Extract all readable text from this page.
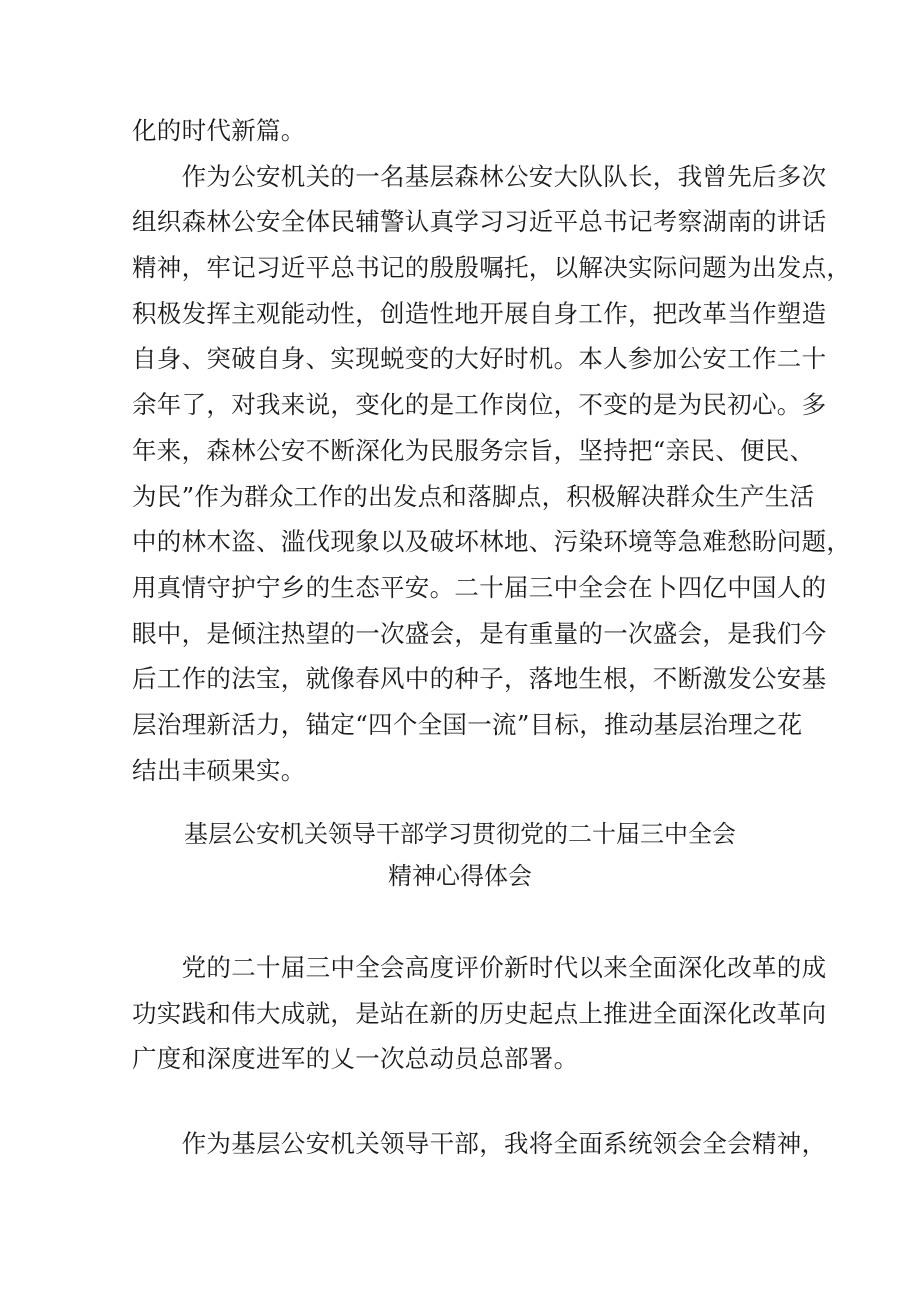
化的时代新篇。
　　作为公安机关的一名基层森林公安大队队长，我曾先后多次
组织森林公安全体民辅警认真学习习近平总书记考察湖南的讲话
精神，牢记习近平总书记的殷殷嘱托，以解决实际问题为出发点，
积极发挥主观能动性，创造性地开展自身工作，把改革当作塑造
自身、突破自身、实现蜕变的大好时机。本人参加公安工作二十
余年了，对我来说，变化的是工作岗位，不变的是为民初心。多
年来，森林公安不断深化为民服务宗旨，坚持把“亲民、便民、
为民”作为群众工作的出发点和落脚点，积极解决群众生产生活
中的林木盗、滥伐现象以及破坏林地、污染环境等急难愁盼问题，
用真情守护宁乡的生态平安。二十届三中全会在卜四亿中国人的
眼中，是倾注热望的一次盛会，是有重量的一次盛会，是我们今
后工作的法宝，就像春风中的种子，落地生根，不断激发公安基
层治理新活力，锚定“四个全国一流”目标，推动基层治理之花
结出丰硕果实。
基层公安机关领导干部学习贯彻党的二十届三中全会
精神心得体会
　　党的二十届三中全会高度评价新时代以来全面深化改革的成
功实践和伟大成就，是站在新的历史起点上推进全面深化改革向
广度和深度进军的乂一次总动员总部署。
　　作为基层公安机关领导干部，我将全面系统领会全会精神，
